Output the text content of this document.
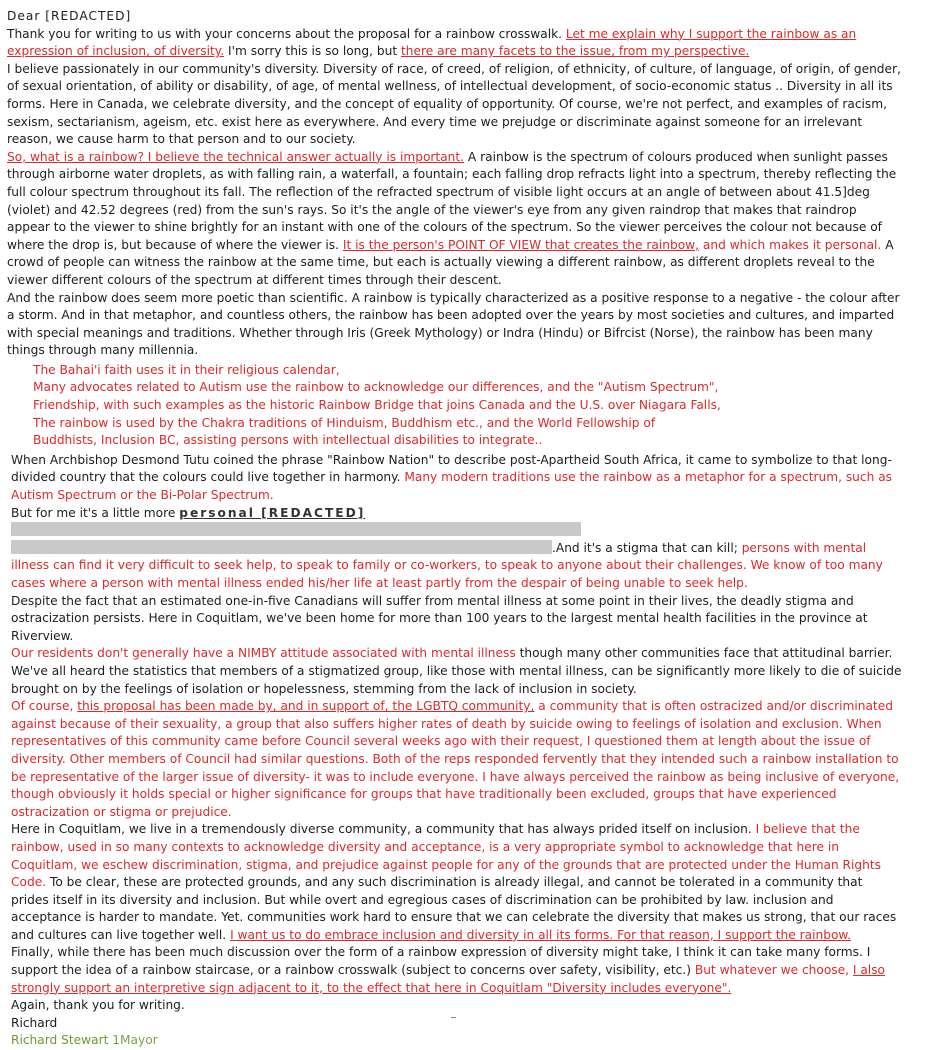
Dear [REDACTED]

Thank you for writing to us with your concerns about the proposal for a rainbow crosswalk. Let me explain why I support the rainbow as an expression of inclusion, of diversity. I'm sorry this is so long, but there are many facets to the issue, from my perspective.

I believe passionately in our community's diversity. Diversity of race, of creed, of religion, of ethnicity, of culture, of language, of origin, of gender, of sexual orientation, of ability or disability, of age, of mental wellness, of intellectual development, of socio-economic status .. Diversity in all its forms. Here in Canada, we celebrate diversity, and the concept of equality of opportunity. Of course, we're not perfect, and examples of racism, sexism, sectarianism, ageism, etc. exist here as everywhere. And every time we prejudge or discriminate against someone for an irrelevant reason, we cause harm to that person and to our society.

So, what is a rainbow? I believe the technical answer actually is important. A rainbow is the spectrum of colours produced when sunlight passes through airborne water droplets, as with falling rain, a waterfall, a fountain; each falling drop refracts light into a spectrum, thereby reflecting the full colour spectrum throughout its fall. The reflection of the refracted spectrum of visible light occurs at an angle of between about 41.5]deg (violet) and 42.52 degrees (red) from the sun's rays. So it's the angle of the viewer's eye from any given raindrop that makes that raindrop appear to the viewer to shine brightly for an instant with one of the colours of the spectrum. So the viewer perceives the colour not because of where the drop is, but because of where the viewer is. It is the person's POINT OF VIEW that creates the rainbow, and which makes it personal. A crowd of people can witness the rainbow at the same time, but each is actually viewing a different rainbow, as different droplets reveal to the viewer different colours of the spectrum at different times through their descent.

And the rainbow does seem more poetic than scientific. A rainbow is typically characterized as a positive response to a negative - the colour after a storm. And in that metaphor, and countless others, the rainbow has been adopted over the years by most societies and cultures, and imparted with special meanings and traditions. Whether through Iris (Greek Mythology) or Indra (Hindu) or Bifrcist (Norse), the rainbow has been many things through many millennia.

The Bahai'i faith uses it in their religious calendar,

Many advocates related to Autism use the rainbow to acknowledge our differences, and the "Autism Spectrum",

Friendship, with such examples as the historic Rainbow Bridge that joins Canada and the U.S. over Niagara Falls,

The rainbow is used by the Chakra traditions of Hinduism, Buddhism etc., and the World Fellowship of

Buddhists, Inclusion BC, assisting persons with intellectual disabilities to integrate..

When Archbishop Desmond Tutu coined the phrase "Rainbow Nation" to describe post-Apartheid South Africa, it came to symbolize to that long-divided country that the colours could live together in harmony. Many modern traditions use the rainbow as a metaphor for a spectrum, such as Autism Spectrum or the Bi-Polar Spectrum.

But for me it's a little more personal [REDACTED]
.And it's a stigma that can kill; persons with mental illness can find it very difficult to seek help, to speak to family or co-workers, to speak to anyone about their challenges. We know of too many cases where a person with mental illness ended his/her life at least partly from the despair of being unable to seek help.

Despite the fact that an estimated one-in-five Canadians will suffer from mental illness at some point in their lives, the deadly stigma and ostracization persists. Here in Coquitlam, we've been home for more than 100 years to the largest mental health facilities in the province at Riverview.

Our residents don't generally have a NIMBY attitude associated with mental illness though many other communities face that attitudinal barrier. We've all heard the statistics that members of a stigmatized group, like those with mental illness, can be significantly more likely to die of suicide brought on by the feelings of isolation or hopelessness, stemming from the lack of inclusion in society.

Of course, this proposal has been made by, and in support of, the LGBTQ community, a community that is often ostracized and/or discriminated against because of their sexuality, a group that also suffers higher rates of death by suicide owing to feelings of isolation and exclusion. When representatives of this community came before Council several weeks ago with their request, I questioned them at length about the issue of diversity. Other members of Council had similar questions. Both of the reps responded fervently that they intended such a rainbow installation to be representative of the larger issue of diversity- it was to include everyone. I have always perceived the rainbow as being inclusive of everyone, though obviously it holds special or higher significance for groups that have traditionally been excluded, groups that have experienced ostracization or stigma or prejudice.

Here in Coquitlam, we live in a tremendously diverse community, a community that has always prided itself on inclusion. I believe that the rainbow, used in so many contexts to acknowledge diversity and acceptance, is a very appropriate symbol to acknowledge that here in Coquitlam, we eschew discrimination, stigma, and prejudice against people for any of the grounds that are protected under the Human Rights Code. To be clear, these are protected grounds, and any such discrimination is already illegal, and cannot be tolerated in a community that prides itself in its diversity and inclusion. But while overt and egregious cases of discrimination can be prohibited by law. inclusion and acceptance is harder to mandate. Yet. communities work hard to ensure that we can celebrate the diversity that makes us strong, that our races and cultures can live together well. I want us to do embrace inclusion and diversity in all its forms. For that reason, I support the rainbow.

Finally, while there has been much discussion over the form of a rainbow expression of diversity might take, I think it can take many forms. I support the idea of a rainbow staircase, or a rainbow crosswalk (subject to concerns over safety, visibility, etc.) But whatever we choose, I also strongly support an interpretive sign adjacent to it, to the effect that here in Coquitlam "Diversity includes everyone".

Again, thank you for writing.

Richard

Richard Stewart 1Mayor
